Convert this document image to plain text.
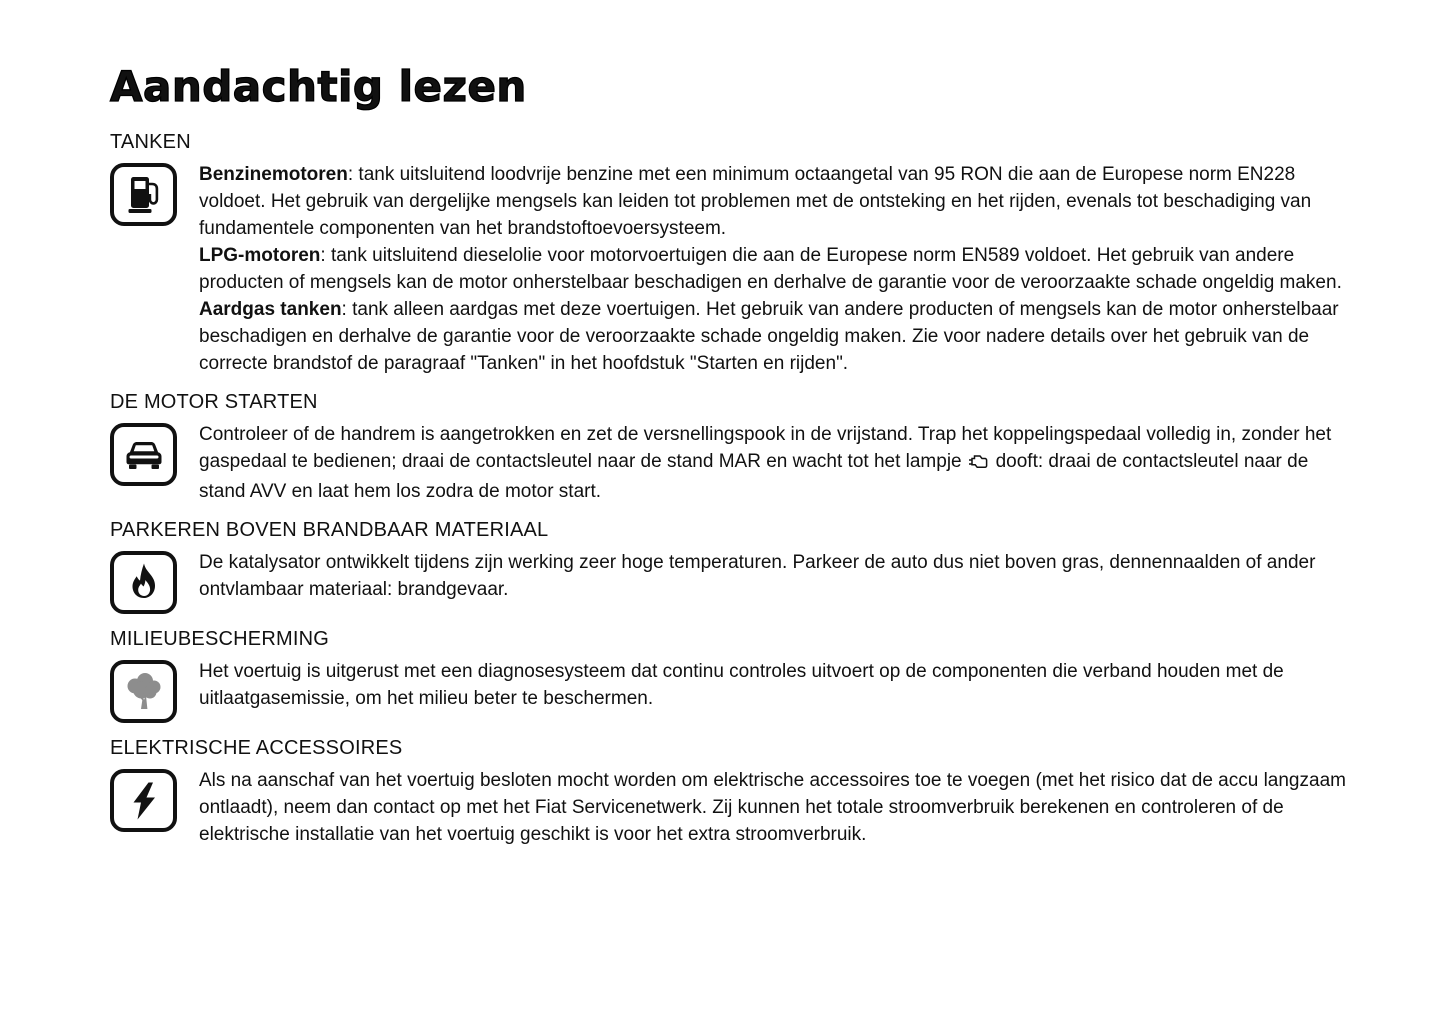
Aandachtig lezen
TANKEN

Benzinemotoren: tank uitsluitend loodvrije benzine met een minimum octaangetal van 95 RON die aan de Europese norm EN228 voldoet. Het gebruik van dergelijke mengsels kan leiden tot problemen met de ontsteking en het rijden, evenals tot beschadiging van fundamentele componenten van het brandstoftoevoersysteem.

LPG-motoren: tank uitsluitend dieselolie voor motorvoertuigen die aan de Europese norm EN589 voldoet. Het gebruik van andere producten of mengsels kan de motor onherstelbaar beschadigen en derhalve de garantie voor de veroorzaakte schade ongeldig maken.

Aardgas tanken: tank alleen aardgas met deze voertuigen. Het gebruik van andere producten of mengsels kan de motor onherstelbaar beschadigen en derhalve de garantie voor de veroorzaakte schade ongeldig maken. Zie voor nadere details over het gebruik van de correcte brandstof de paragraaf "Tanken" in het hoofdstuk "Starten en rijden".

DE MOTOR STARTEN

Controleer of de handrem is aangetrokken en zet de versnellingspook in de vrijstand. Trap het koppelingspedaal volledig in, zonder het gaspedaal te bedienen; draai de contactsleutel naar de stand MAR en wacht tot het lampje dooft: draai de contactsleutel naar de stand AVV en laat hem los zodra de motor start.

PARKEREN BOVEN BRANDBAAR MATERIAAL

De katalysator ontwikkelt tijdens zijn werking zeer hoge temperaturen. Parkeer de auto dus niet boven gras, dennennaalden of ander ontvlambaar materiaal: brandgevaar.

MILIEUBESCHERMING

Het voertuig is uitgerust met een diagnosesysteem dat continu controles uitvoert op de componenten die verband houden met de uitlaatgasemissie, om het milieu beter te beschermen.

ELEKTRISCHE ACCESSOIRES

Als na aanschaf van het voertuig besloten mocht worden om elektrische accessoires toe te voegen (met het risico dat de accu langzaam ontlaadt), neem dan contact op met het Fiat Servicenetwerk. Zij kunnen het totale stroomverbruik berekenen en controleren of de elektrische installatie van het voertuig geschikt is voor het extra stroomverbruik.
